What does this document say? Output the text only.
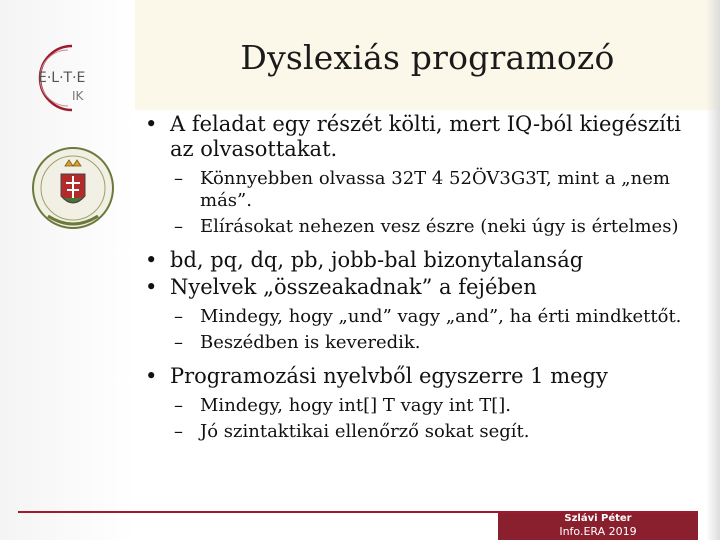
E·L·T·E
IK
Dyslexiás programozó
• A feladat egy részét költi, mert IQ-ból kiegészíti az olvasottakat.
– Könnyebben olvassa 32T 4 52ÖV3G3T, mint a „nem más”.
– Elírásokat nehezen vesz észre (neki úgy is értelmes)
• bd, pq, dq, pb, jobb-bal bizonytalanság
• Nyelvek „összeakadnak” a fejében
– Mindegy, hogy „und” vagy „and”, ha érti mindkettőt.
– Beszédben is keveredik.
• Programozási nyelvből egyszerre 1 megy
– Mindegy, hogy int[] T vagy int T[].
– Jó szintaktikai ellenőrző sokat segít.
Szlávi Péter
Info.ERA 2019
